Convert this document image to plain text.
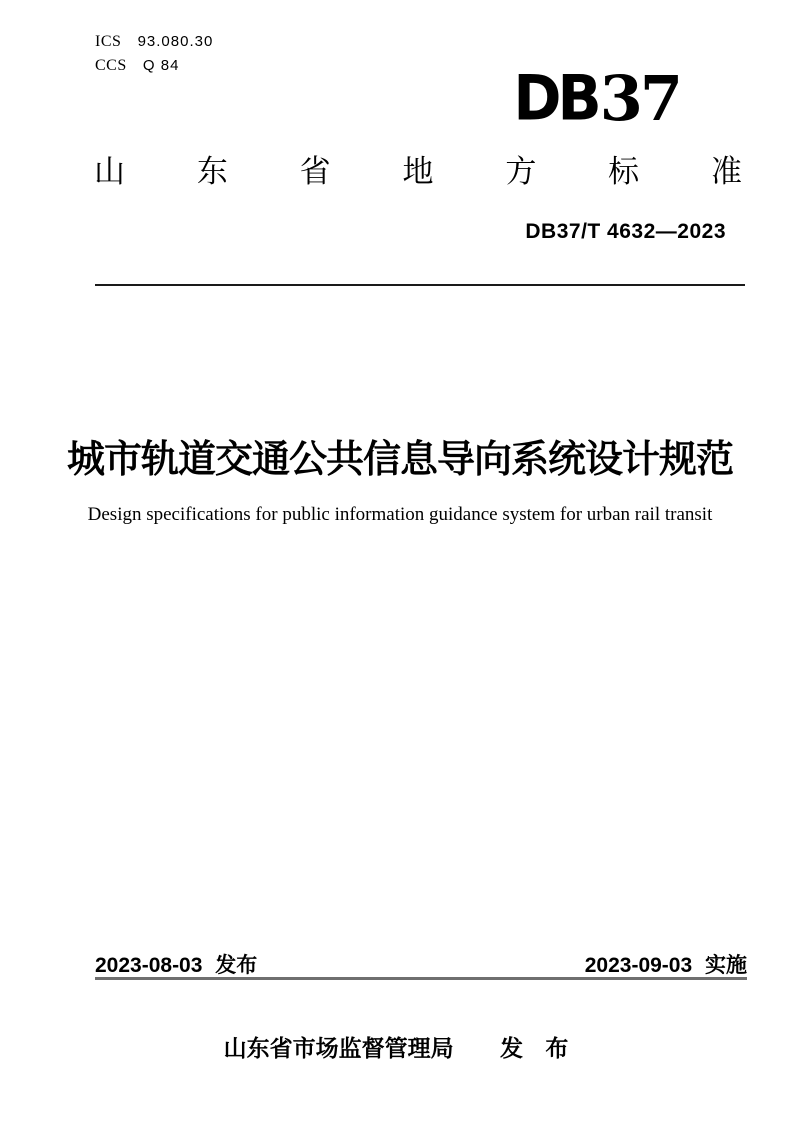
ICS 93.080.30
CCS Q 84	DB 37
山东省地方标准
DB37/T 4632—2023
城市轨道交通公共信息导向系统设计规范
Design specifications for public information guidance system for urban rail transit
2023-08-03 发布	2023-09-03 实施
山东省市场监督管理局 发 布
